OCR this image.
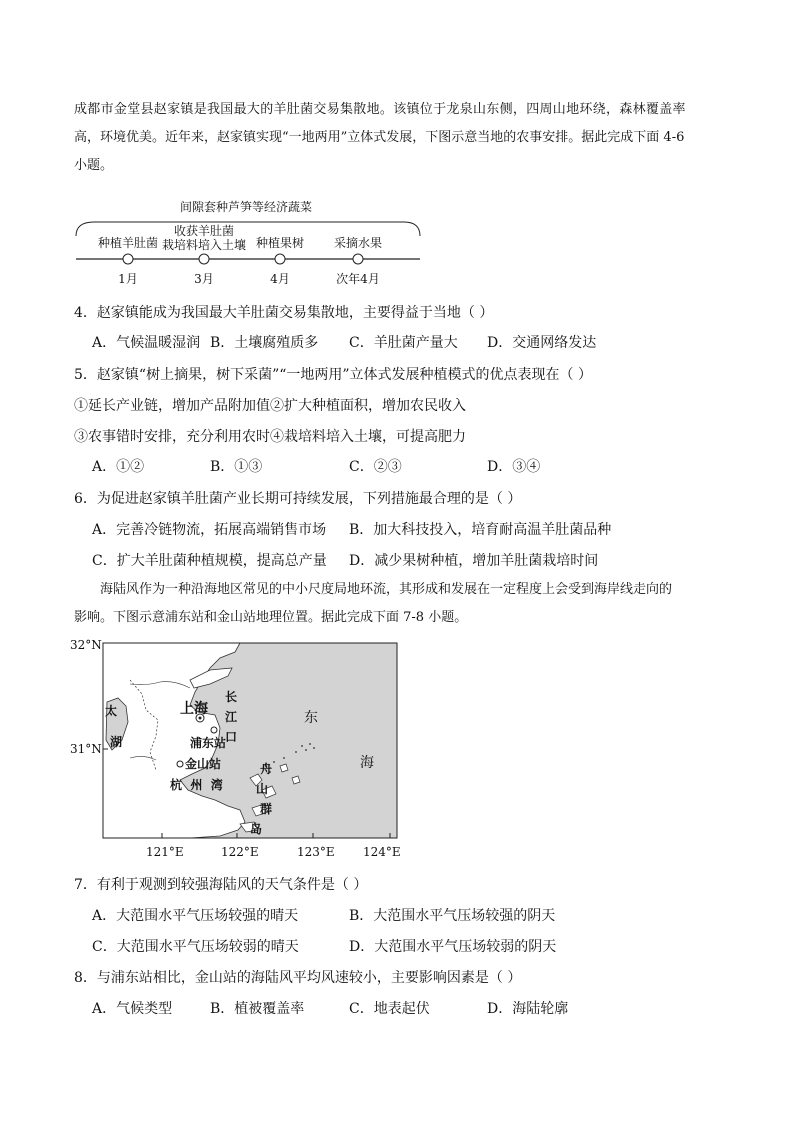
成都市金堂县赵家镇是我国最大的羊肚菌交易集散地。该镇位于龙泉山东侧，四周山地环绕，森林覆盖率
高，环境优美。近年来，赵家镇实现“一地两用”立体式发展，下图示意当地的农事安排。据此完成下面 4-6
小题。
间隙套种芦笋等经济蔬菜
种植羊肚菌
收获羊肚菌
栽培料培入土壤 种植果树 采摘水果
1月	3月	4月	次年4月
4．赵家镇能成为我国最大羊肚菌交易集散地，主要得益于当地（ ）
A．气候温暖湿润 B．土壤腐殖质多 C．羊肚菌产量大 D．交通网络发达
5．赵家镇“树上摘果，树下采菌”“一地两用”立体式发展种植模式的优点表现在（ ）
①延长产业链，增加产品附加值②扩大种植面积，增加农民收入
③农事错时安排，充分利用农时④栽培料培入土壤，可提高肥力
A．①②	B．①③	C．②③	D．③④
6．为促进赵家镇羊肚菌产业长期可持续发展，下列措施最合理的是（ ）
A．完善冷链物流，拓展高端销售市场 B．加大科技投入，培育耐高温羊肚菌品种
C．扩大羊肚菌种植规模，提高总产量 D．减少果树种植，增加羊肚菌栽培时间
海陆风作为一种沿海地区常见的中小尺度局地环流，其形成和发展在一定程度上会受到海岸线走向的
影响。下图示意浦东站和金山站地理位置。据此完成下面 7-8 小题。
32°N
31°N
121°E	122°E	123°E 124°E
上海
浦东站
金山站
杭  州  湾
长
江
口
太
湖
东
海
舟
山
群
岛
7．有利于观测到较强海陆风的天气条件是（ ）
A．大范围水平气压场较强的晴天	B．大范围水平气压场较强的阴天
C．大范围水平气压场较弱的晴天	D．大范围水平气压场较弱的阴天
8．与浦东站相比，金山站的海陆风平均风速较小，主要影响因素是（ ）
A．气候类型	B．植被覆盖率	C．地表起伏	D．海陆轮廓
